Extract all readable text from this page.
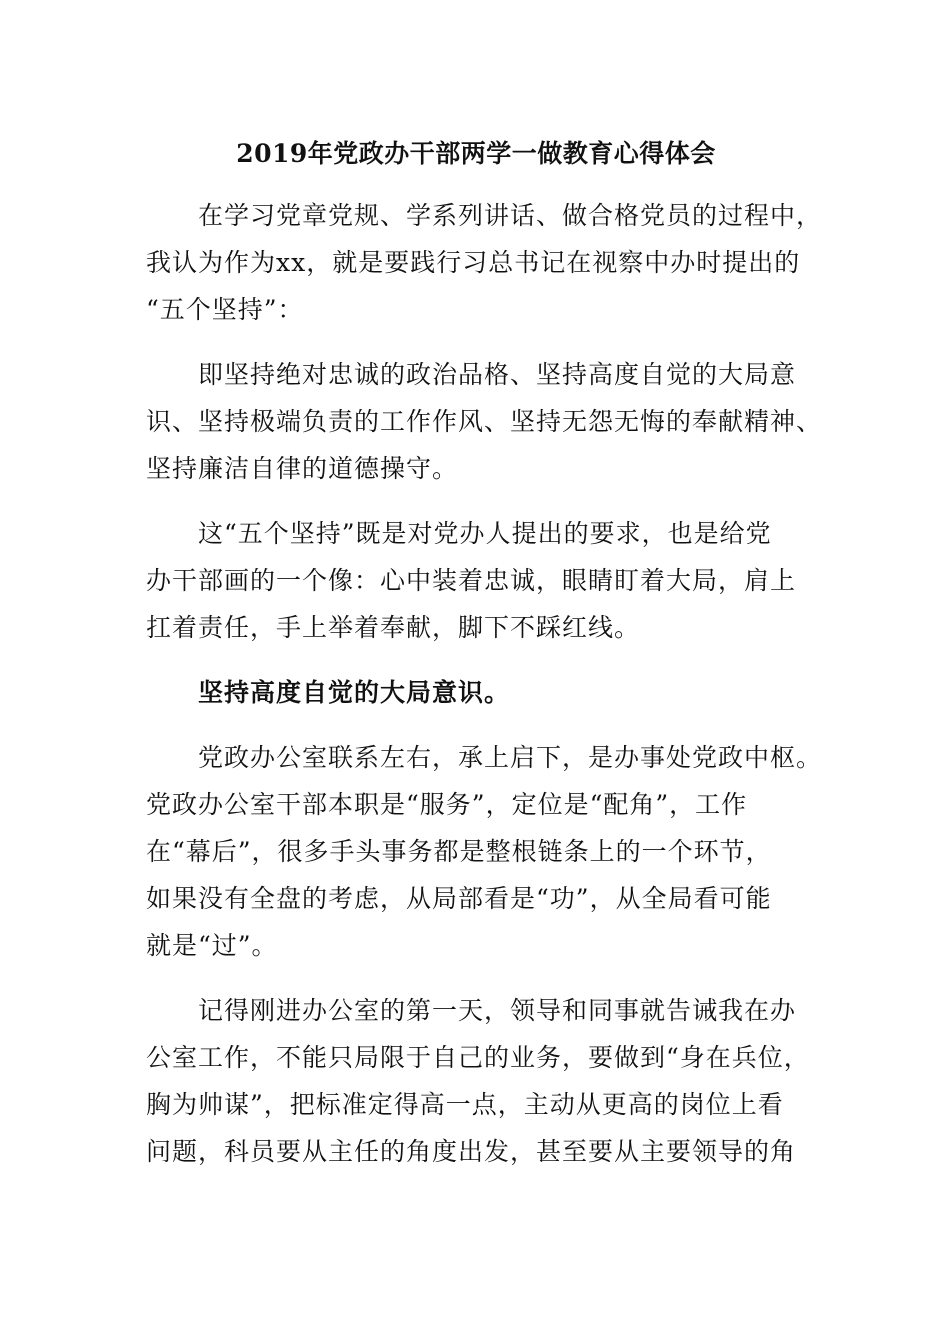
2019年党政办干部两学一做教育心得体会

在学习党章党规、学系列讲话、做合格党员的过程中，
我认为作为xx，就是要践行习总书记在视察中办时提出的
“五个坚持”：

即坚持绝对忠诚的政治品格、坚持高度自觉的大局意
识、坚持极端负责的工作作风、坚持无怨无悔的奉献精神、
坚持廉洁自律的道德操守。

这“五个坚持”既是对党办人提出的要求，也是给党
办干部画的一个像：心中装着忠诚，眼睛盯着大局，肩上
扛着责任，手上举着奉献，脚下不踩红线。

坚持高度自觉的大局意识。

党政办公室联系左右，承上启下，是办事处党政中枢。
党政办公室干部本职是“服务”，定位是“配角”，工作
在“幕后”，很多手头事务都是整根链条上的一个环节，
如果没有全盘的考虑，从局部看是“功”，从全局看可能
就是“过”。

记得刚进办公室的第一天，领导和同事就告诫我在办
公室工作，不能只局限于自己的业务，要做到“身在兵位，
胸为帅谋”，把标准定得高一点，主动从更高的岗位上看
问题，科员要从主任的角度出发，甚至要从主要领导的角
